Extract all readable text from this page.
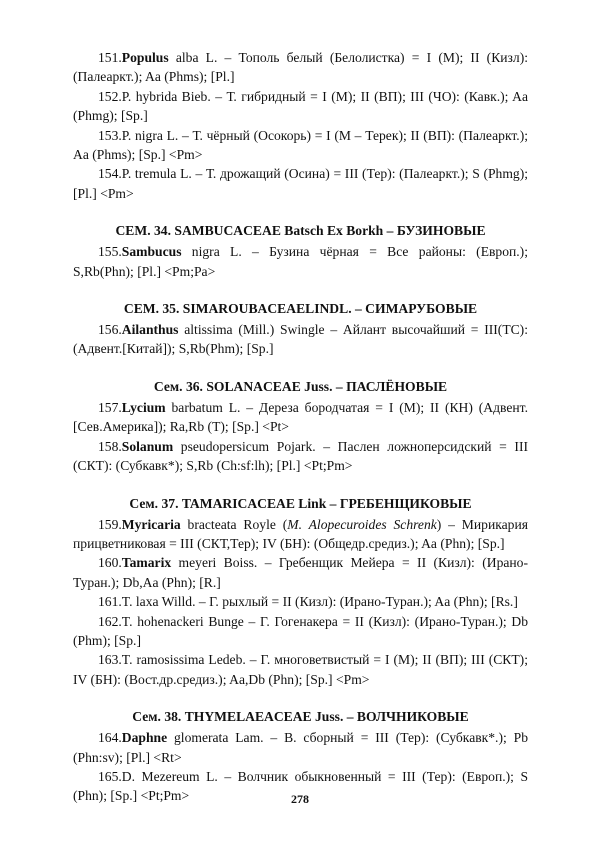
151.Populus alba L. – Тополь белый (Белолистка) = I (M); II (Кизл): (Палеаркт.); Aa (Phms); [Pl.]

152.P. hybrida Bieb. – Т. гибридный = I (M); II (ВП); III (ЧО): (Кавк.); Aa (Phmg); [Sp.]

153.P. nigra L. – Т. чёрный (Осокорь) = I (M – Терек); II (ВП): (Палеаркт.); Aa (Phms); [Sp.] <Pm>

154.P. tremula L. – Т. дрожащий (Осина) = III (Тер): (Палеаркт.); S (Phmg); [Pl.] <Pm>

СЕМ. 34. SAMBUCACEAE Batsch Ex Borkh – БУЗИНОВЫЕ

155.Sambucus nigra L. – Бузина чёрная = Все районы: (Европ.); S,Rb(Phn); [Pl.] <Pm;Pa>

СЕМ. 35. SIMAROUBACEAELINDL. – СИМАРУБОВЫЕ

156.Ailanthus altissima (Mill.) Swingle – Айлант высочайший = III(ТС): (Адвент.[Китай]); S,Rb(Phm); [Sp.]

Сем. 36. SOLANACEAE Juss. – ПАСЛЁНОВЫЕ

157.Lycium barbatum L. – Дереза бородчатая = I (M); II (КН) (Адвент. [Сев.Америка]); Ra,Rb (T); [Sp.] <Pt>

158.Solanum pseudopersicum Pojark. – Паслен ложноперсидский = III (СКТ): (Субкавк*); S,Rb (Ch:sf:lh); [Pl.] <Pt;Pm>

Сем. 37. TAMARICACEAE Link – ГРЕБЕНЩИКОВЫЕ

159.Myricaria bracteata Royle (M. Alopecuroides Schrenk) – Мирикария прицветниковая = III (СКТ,Тер); IV (БН): (Общедр.средиз.); Aa (Phn); [Sp.]

160.Tamarix meyeri Boiss. – Гребенщик Мейера = II (Кизл): (Ирано-Туран.); Db,Aa (Phn); [R.]

161.T. laxa Willd. – Г. рыхлый = II (Кизл): (Ирано-Туран.); Aa (Phn); [Rs.]

162.T. hohenackeri Bunge – Г. Гогенакера = II (Кизл): (Ирано-Туран.); Db (Phm); [Sp.]

163.T. ramosissima Ledeb. – Г. многоветвистый = I (M); II (ВП); III (СКТ); IV (БН): (Вост.др.средиз.); Aa,Db (Phn); [Sp.] <Pm>

Сем. 38. THYMELAEACEAE Juss. – ВОЛЧНИКОВЫЕ

164.Daphne glomerata Lam. – В. сборный = III (Тер): (Субкавк*.); Pb (Phn:sv); [Pl.] <Rt>

165.D. Mezereum L. – Волчник обыкновенный = III (Тер): (Европ.); S (Phn); [Sp.] <Pt;Pm>	278
